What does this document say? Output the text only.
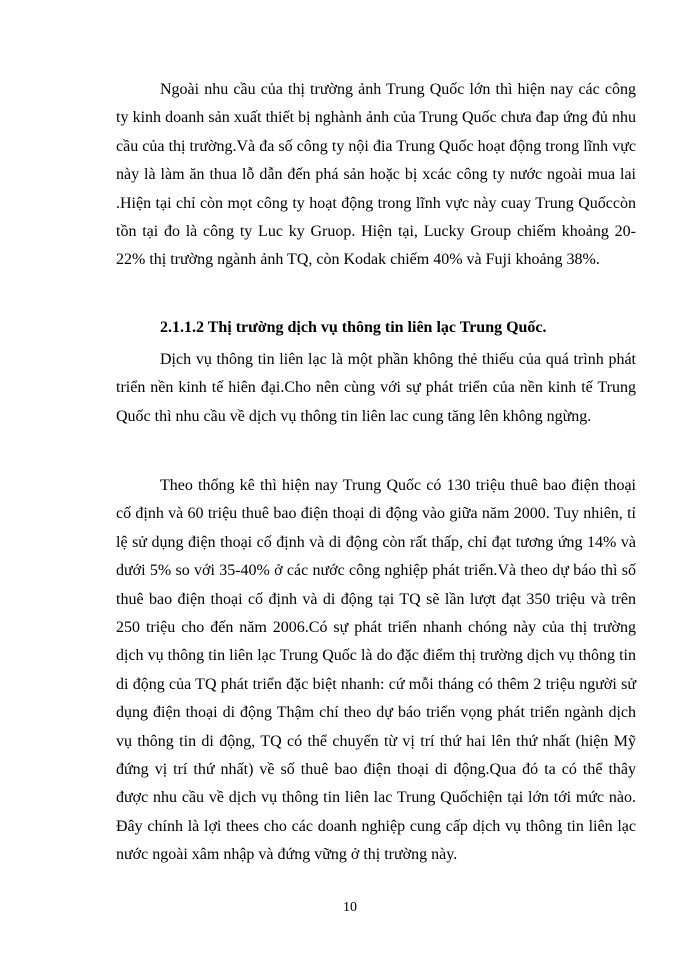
Ngoài nhu cầu của thị trường ảnh Trung Quốc lớn thì hiện nay các công ty kinh doanh sản xuất thiết bị nghành ảnh của Trung Quốc chưa đap ứng đủ nhu cầu của thị trường.Và đa số công ty nội đia Trung Quốc hoạt động trong lĩnh vực này là làm ăn thua lỗ dẫn đến phá sản hoặc bị xcác công ty nước ngoài mua lai .Hiện tại chỉ còn mọt công ty hoạt động trong lĩnh vực này cuay Trung Quốccòn tồn tại đo là công ty Luc ky Gruop. Hiện tại, Lucky Group chiếm khoảng 20-22% thị trường ngành ảnh TQ, còn Kodak chiếm 40% và Fuji khoảng 38%.
2.1.1.2 Thị trường dịch vụ thông tin liên lạc Trung Quốc.
Dịch vụ thông tin liên lạc là một phần không thẻ thiếu của quá trình phát triển nền kinh tế hiên đại.Cho nên cùng với sự phát triển của nền kinh tế Trung Quốc thì nhu cầu về dịch vụ thông tin liên lac cung tăng lên không ngừng.
Theo thống kê thì hiện nay Trung Quốc có 130 triệu thuê bao điện thoại cố định và 60 triệu thuê bao điện thoại di động vào giữa năm 2000. Tuy nhiên, tỉ lệ sử dụng điện thoại cố định và di động còn rất thấp, chỉ đạt tương ứng 14% và dưới 5% so với 35-40% ở các nước công nghiệp phát triển.Và theo dự báo thì số thuê bao điện thoại cố định và di động tại TQ sẽ lần lượt đạt 350 triệu và trên 250 triệu cho đến năm 2006.Có sự phát triển nhanh chóng này của thị trường dịch vụ thông tin liên lạc Trung Quốc là do đặc điểm thị trường dịch vụ thông tin di động của TQ phát triển đặc biệt nhanh: cứ mỗi tháng có thêm 2 triệu người sử dụng điện thoại di động Thậm chí theo dự báo triển vọng phát triển ngành dịch vụ thông tin di động, TQ có thể chuyển từ vị trí thứ hai lên thứ nhất (hiện Mỹ đứng vị trí thứ nhất) về số thuê bao điện thoại di động.Qua đó ta có thể thây được nhu cầu về dịch vụ thông tin liên lac Trung Quốchiện tại lớn tới mức nào. Đây chính là lợi thees cho các doanh nghiệp cung cấp dịch vụ thông tin liên lạc nước ngoài xâm nhập và đứng vững ở thị trường này.
10
